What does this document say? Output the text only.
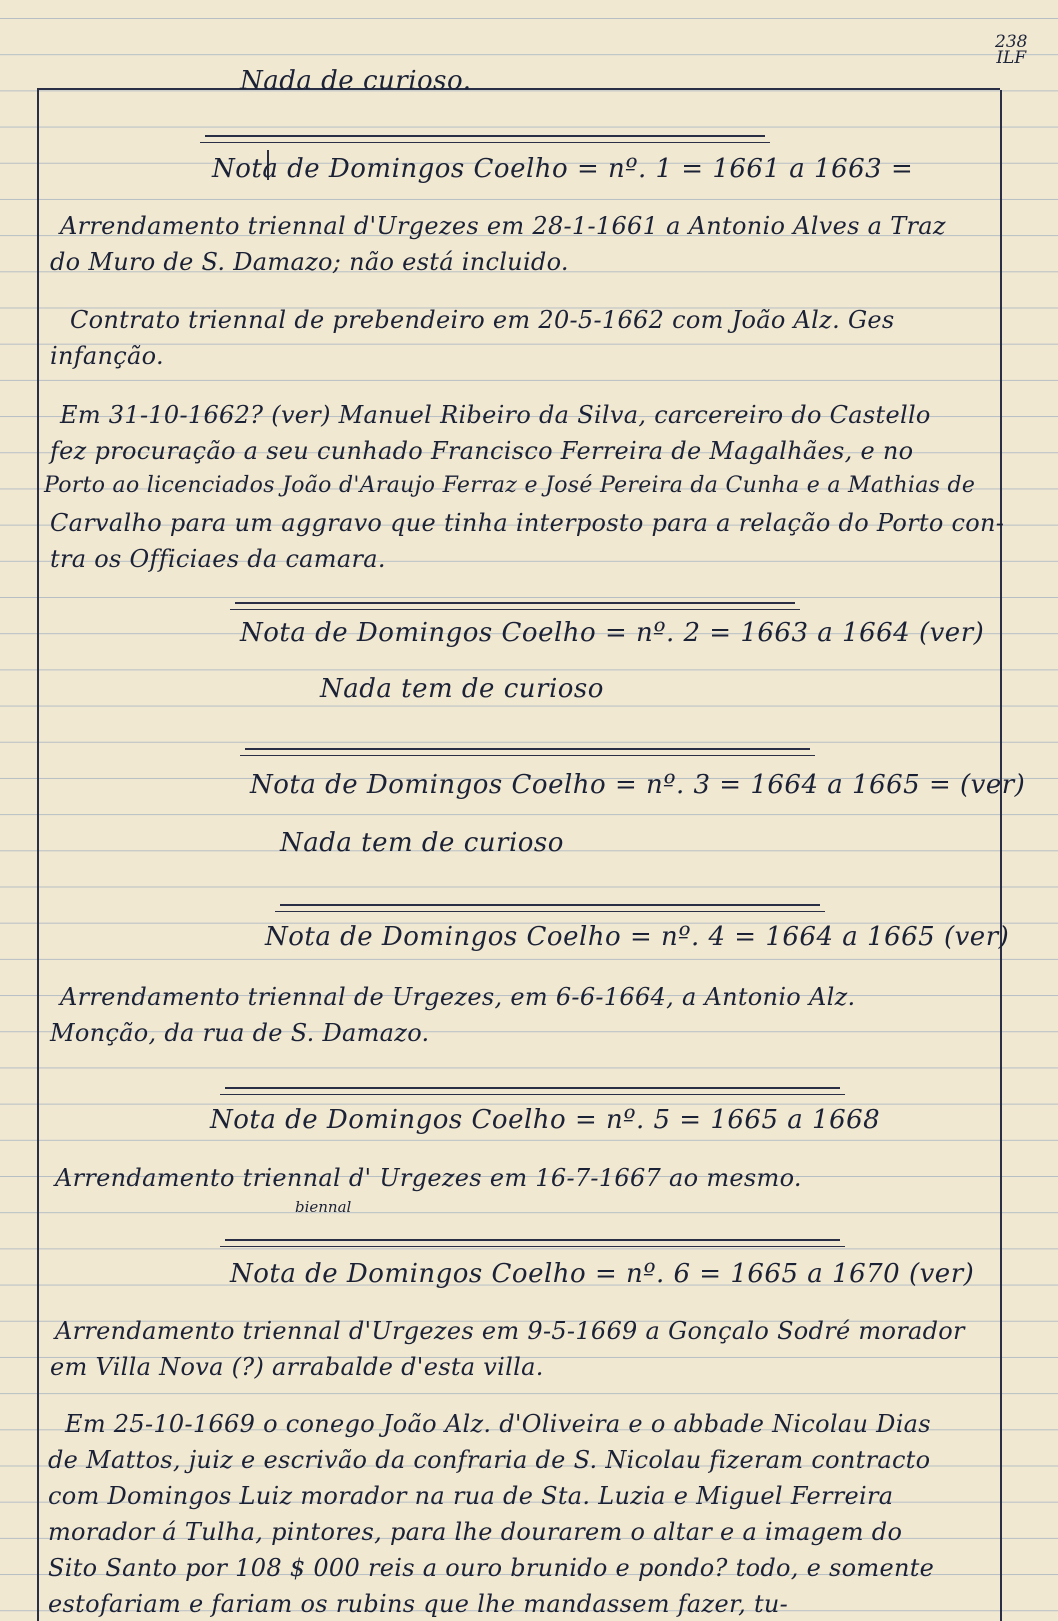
238
ILF
Nada de curioso.
Nota de Domingos Coelho = nº. 1 = 1661 a 1663 =
Arrendamento triennal d'Urgezes em 28-1-1661 a Antonio Alves a Traz
do Muro de S. Damazo; não está incluido.
Contrato triennal de prebendeiro em 20-5-1662 com João Alz. Ges
infanção.
Em 31-10-1662? (ver) Manuel Ribeiro da Silva, carcereiro do Castello
fez procuração a seu cunhado Francisco Ferreira de Magalhães, e no
Porto ao licenciados João d'Araujo Ferraz e José Pereira da Cunha e a Mathias de
Carvalho para um aggravo que tinha interposto para a relação do Porto con-
tra os Officiaes da camara.
Nota de Domingos Coelho = nº. 2 = 1663 a 1664 (ver)
Nada tem de curioso
Nota de Domingos Coelho = nº. 3 = 1664 a 1665 = (ver)
Nada tem de curioso
Nota de Domingos Coelho = nº. 4 = 1664 a 1665 (ver)
Arrendamento triennal de Urgezes, em 6-6-1664, a Antonio Alz.
Monção, da rua de S. Damazo.
Nota de Domingos Coelho = nº. 5 = 1665 a 1668
Arrendamento triennal d' Urgezes em 16-7-1667 ao mesmo.
biennal
Nota de Domingos Coelho = nº. 6 = 1665 a 1670 (ver)
Arrendamento triennal d'Urgezes em 9-5-1669 a Gonçalo Sodré morador
em Villa Nova (?) arrabalde d'esta villa.
Em 25-10-1669 o conego João Alz. d'Oliveira e o abbade Nicolau Dias
de Mattos, juiz e escrivão da confraria de S. Nicolau fizeram contracto
com Domingos Luiz morador na rua de Sta. Luzia e Miguel Ferreira
morador á Tulha, pintores, para lhe dourarem o altar e a imagem do
Sito Santo por 108 $ 000 reis a ouro brunido e pondo? todo, e somente
estofariam e fariam os rubins que lhe mandassem fazer, tu-
